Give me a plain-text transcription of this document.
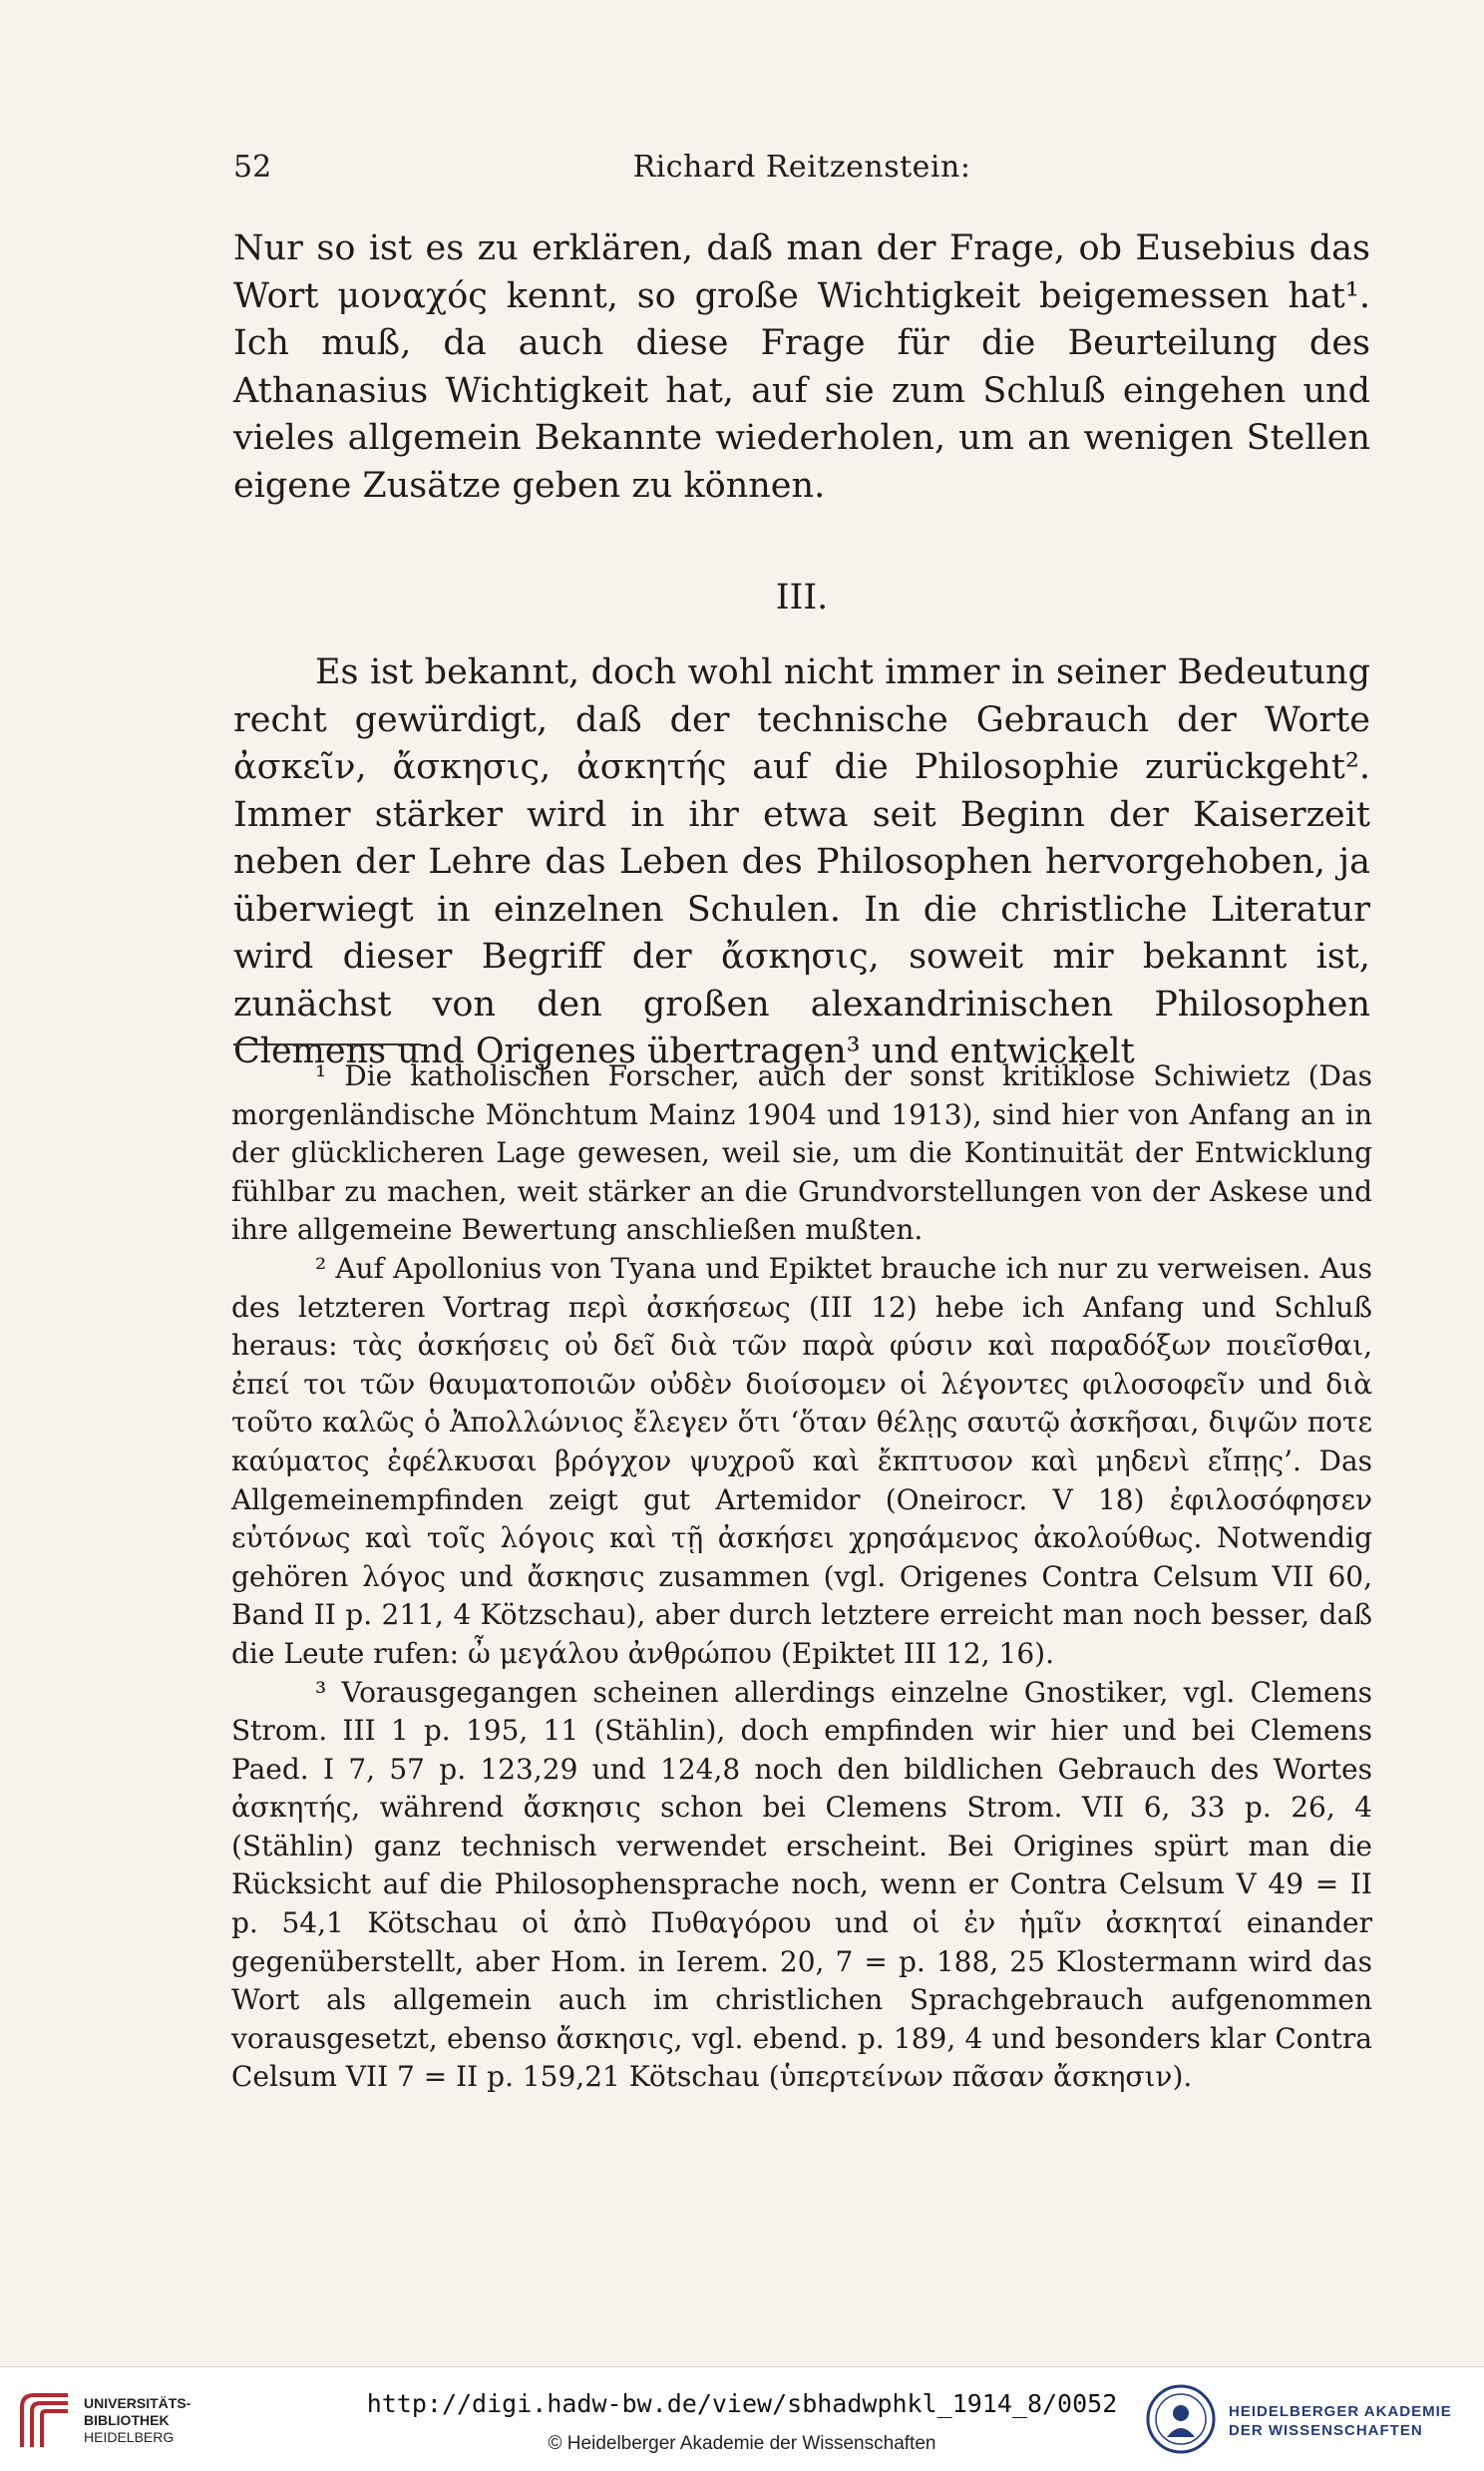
52	Richard Reitzenstein:

Nur so ist es zu erklären, daß man der Frage, ob Eusebius das Wort μοναχός kennt, so große Wichtigkeit beigemessen hat¹. Ich muß, da auch diese Frage für die Beurteilung des Athanasius Wichtigkeit hat, auf sie zum Schluß eingehen und vieles allgemein Bekannte wiederholen, um an wenigen Stellen eigene Zusätze geben zu können.

III.

Es ist bekannt, doch wohl nicht immer in seiner Bedeutung recht gewürdigt, daß der technische Gebrauch der Worte ἀσκεῖν, ἄσκησις, ἀσκητής auf die Philosophie zurückgeht². Immer stärker wird in ihr etwa seit Beginn der Kaiserzeit neben der Lehre das Leben des Philosophen hervorgehoben, ja überwiegt in einzelnen Schulen. In die christliche Literatur wird dieser Begriff der ἄσκησις, soweit mir bekannt ist, zunächst von den großen alexandrinischen Philosophen Clemens und Origenes übertragen³ und entwickelt

¹ Die katholischen Forscher, auch der sonst kritiklose Schiwietz (Das morgenländische Mönchtum Mainz 1904 und 1913), sind hier von Anfang an in der glücklicheren Lage gewesen, weil sie, um die Kontinuität der Entwicklung fühlbar zu machen, weit stärker an die Grundvorstellungen von der Askese und ihre allgemeine Bewertung anschließen mußten.

² Auf Apollonius von Tyana und Epiktet brauche ich nur zu verweisen. Aus des letzteren Vortrag περὶ ἀσκήσεως (III 12) hebe ich Anfang und Schluß heraus: τὰς ἀσκήσεις οὐ δεῖ διὰ τῶν παρὰ φύσιν καὶ παραδόξων ποιεῖσθαι, ἐπεί τοι τῶν θαυματοποιῶν οὐδὲν διοίσομεν οἱ λέγοντες φιλοσοφεῖν und διὰ τοῦτο καλῶς ὁ Ἀπολλώνιος ἔλεγεν ὅτι ‘ὅταν θέλῃς σαυτῷ ἀσκῆσαι, διψῶν ποτε καύματος ἐφέλκυσαι βρόγχον ψυχροῦ καὶ ἔκπτυσον καὶ μηδενὶ εἴπῃς’. Das Allgemeinempfinden zeigt gut Artemidor (Oneirocr. V 18) ἐφιλοσόφησεν εὐτόνως καὶ τοῖς λόγοις καὶ τῇ ἀσκήσει χρησάμενος ἀκολούθως. Notwendig gehören λόγος und ἄσκησις zusammen (vgl. Origenes Contra Celsum VII 60, Band II p. 211, 4 Kötzschau), aber durch letztere erreicht man noch besser, daß die Leute rufen: ὦ μεγάλου ἀνθρώπου (Epiktet III 12, 16).

³ Vorausgegangen scheinen allerdings einzelne Gnostiker, vgl. Clemens Strom. III 1 p. 195, 11 (Stählin), doch empfinden wir hier und bei Clemens Paed. I 7, 57 p. 123,29 und 124,8 noch den bildlichen Gebrauch des Wortes ἀσκητής, während ἄσκησις schon bei Clemens Strom. VII 6, 33 p. 26, 4 (Stählin) ganz technisch verwendet erscheint. Bei Origines spürt man die Rücksicht auf die Philosophensprache noch, wenn er Contra Celsum V 49 = II p. 54,1 Kötschau οἱ ἀπὸ Πυθαγόρου und οἱ ἐν ἡμῖν ἀσκηταί einander gegenüberstellt, aber Hom. in Ierem. 20, 7 = p. 188, 25 Klostermann wird das Wort als allgemein auch im christlichen Sprachgebrauch aufgenommen vorausgesetzt, ebenso ἄσκησις, vgl. ebend. p. 189, 4 und besonders klar Contra Celsum VII 7 = II p. 159,21 Kötschau (ὑπερτείνων πᾶσαν ἄσκησιν).

UNIVERSITÄTS-
BIBLIOTHEK
HEIDELBERG
http://digi.hadw-bw.de/view/sbhadwphkl_1914_8/0052
© Heidelberger Akademie der Wissenschaften
HEIDELBERGER AKADEMIE
DER WISSENSCHAFTEN
